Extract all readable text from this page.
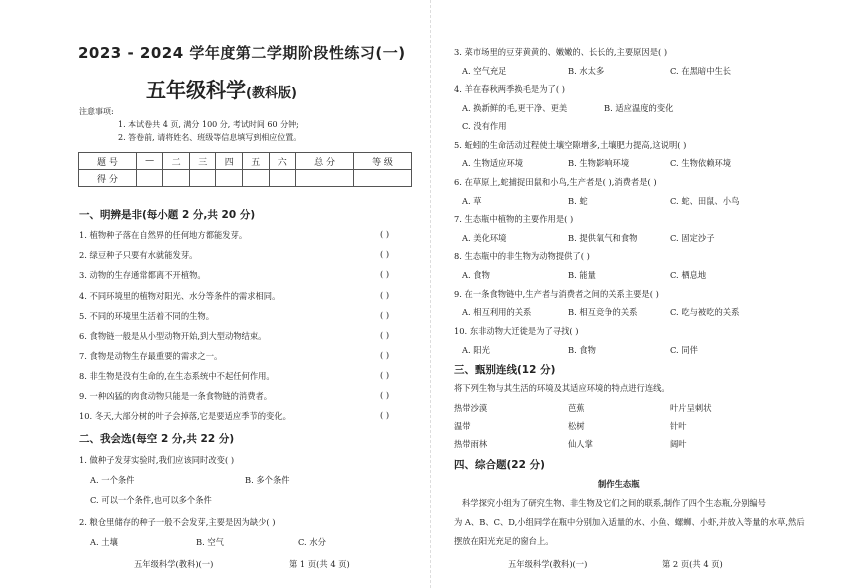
2023 - 2024 学年度第二学期阶段性练习(一)
五年级科学(教科版)
注意事项:
1. 本试卷共 4 页, 满分 100 分, 考试时间 60 分钟;
2. 答卷前, 请将姓名、班级等信息填写到相应位置。
题 号	—	二	三	四	五	六	总 分	等 级
得 分								
一、明辨是非(每小题 2 分,共 20 分)
1. 植物种子落在自然界的任何地方都能发芽。	( )
2. 绿豆种子只要有水就能发芽。	( )
3. 动物的生存通常都离不开植物。	( )
4. 不同环境里的植物对阳光、水分等条件的需求相同。	( )
5. 不同的环境里生活着不同的生物。	( )
6. 食物链一般是从小型动物开始,到大型动物结束。	( )
7. 食物是动物生存最重要的需求之一。	( )
8. 非生物是没有生命的,在生态系统中不起任何作用。	( )
9. 一种凶猛的肉食动物只能是一条食物链的消费者。	( )
10. 冬天,大部分树的叶子会掉落,它是要适应季节的变化。	( )
二、我会选(每空 2 分,共 22 分)
1. 做种子发芽实验时,我们应该同时改变( )
A. 一个条件	B. 多个条件
C. 可以一个条件,也可以多个条件
2. 粮仓里储存的种子一般不会发芽,主要是因为缺少( )
A. 土壤	B. 空气	C. 水分
五年级科学(教科)(一)	第 1 页(共 4 页)
3. 菜市场里的豆芽黄黄的、嫩嫩的、长长的,主要原因是( )
A. 空气充足	B. 水太多	C. 在黑暗中生长
4. 羊在春秋两季换毛是为了( )
A. 换新鲜的毛,更干净、更美	B. 适应温度的变化
C. 没有作用
5. 蚯蚓的生命活动过程使土壤空隙增多,土壤肥力提高,这说明( )
A. 生物适应环境	B. 生物影响环境	C. 生物依赖环境
6. 在草原上,蛇捕捉田鼠和小鸟,生产者是( ),消费者是( )
A. 草	B. 蛇	C. 蛇、田鼠、小鸟
7. 生态瓶中植物的主要作用是( )
A. 美化环境	B. 提供氧气和食物	C. 固定沙子
8. 生态瓶中的非生物为动物提供了( )
A. 食物	B. 能量	C. 栖息地
9. 在一条食物链中,生产者与消费者之间的关系主要是( )
A. 相互利用的关系	B. 相互竞争的关系	C. 吃与被吃的关系
10. 东非动物大迁徙是为了寻找( )
A. 阳光	B. 食物	C. 同伴
三、甄别连线(12 分)
将下列生物与其生活的环境及其适应环境的特点进行连线。
热带沙漠	芭蕉	叶片呈刺状
温带	松树	针叶
热带雨林	仙人掌	阔叶
四、综合题(22 分)
制作生态瓶
科学探究小组为了研究生物、非生物及它们之间的联系,制作了四个生态瓶,分别编号
为 A、B、C、D,小组同学在瓶中分别加入适量的水、小鱼、螺蛳、小虾,并放入等量的水草,然后
摆放在阳光充足的窗台上。
五年级科学(教科)(一)	第 2 页(共 4 页)
